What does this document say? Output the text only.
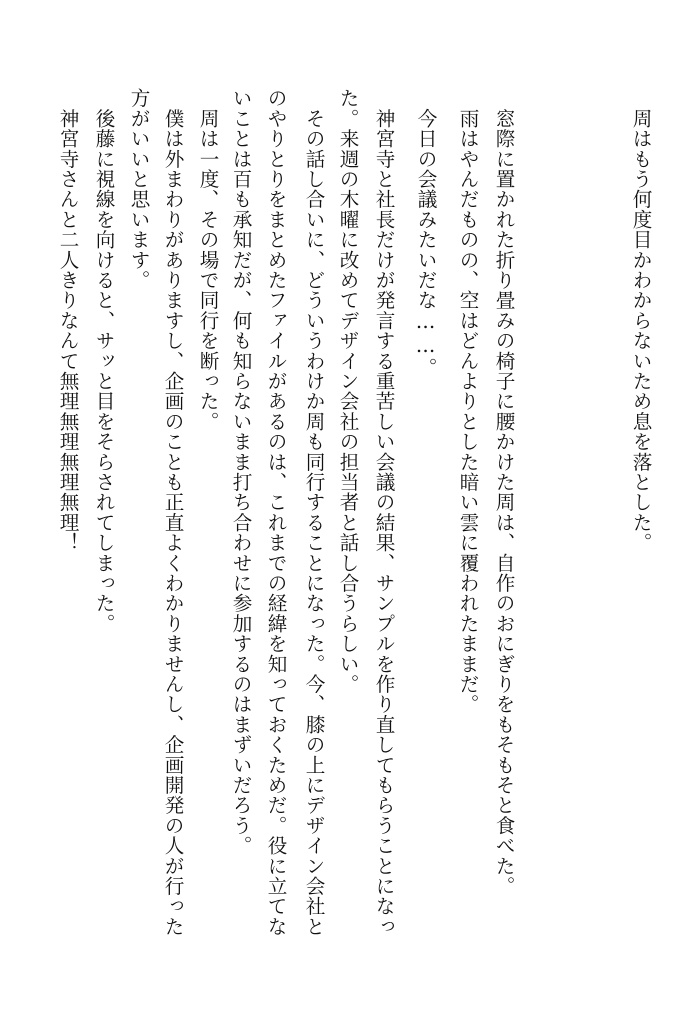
　周はもう何度目かわからないため息を落とした。
　窓際に置かれた折り畳みの椅子に腰かけた周は、自作のおにぎりをもそもそと食べた。
　雨はやんだものの、空はどんよりとした暗い雲に覆われたままだ。
　今日の会議みたいだな……。
　神宮寺と社長だけが発言する重苦しい会議の結果、サンプルを作り直してもらうことになっ
た。来週の木曜に改めてデザイン会社の担当者と話し合うらしい。
　その話し合いに、どういうわけか周も同行することになった。今、膝の上にデザイン会社と
のやりとりをまとめたファイルがあるのは、これまでの経緯を知っておくためだ。役に立てな
いことは百も承知だが、何も知らないまま打ち合わせに参加するのはまずいだろう。
　周は一度、その場で同行を断った。
　僕は外まわりがありますし、企画のことも正直よくわかりませんし、企画開発の人が行った
方がいいと思います。
　後藤に視線を向けると、サッと目をそらされてしまった。
　神宮寺さんと二人きりなんて無理無理無理無理！
